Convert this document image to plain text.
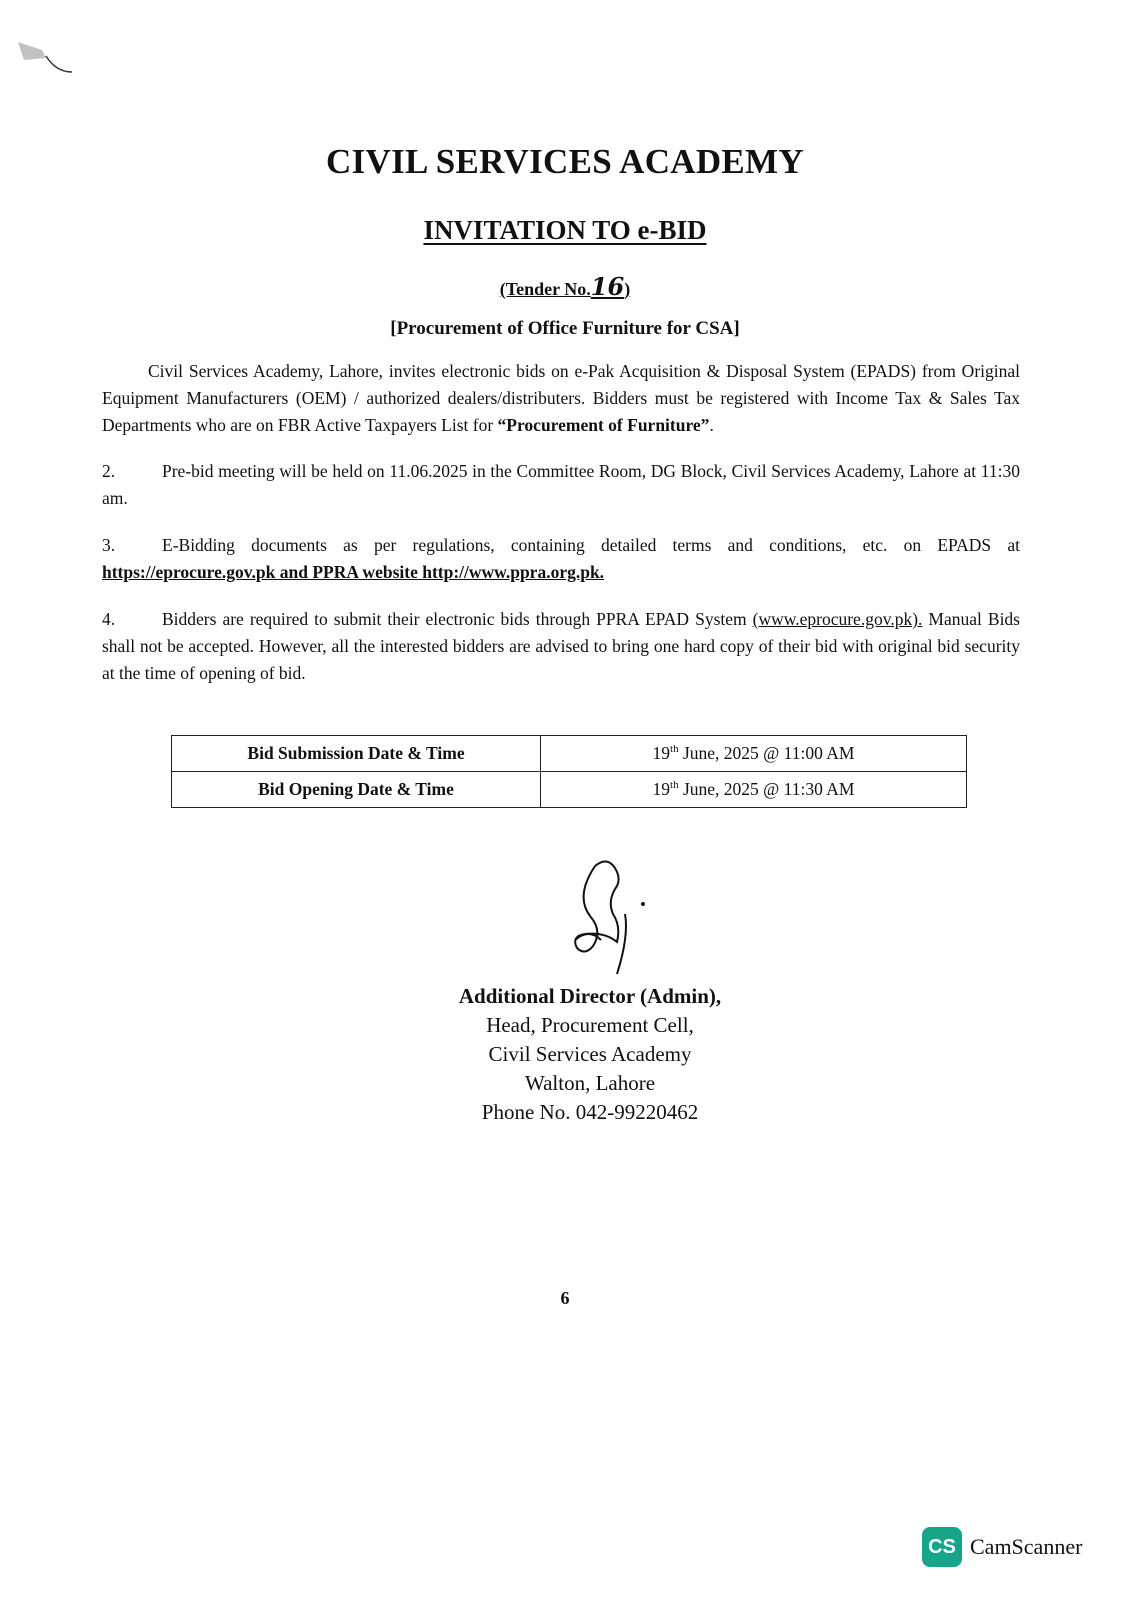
CIVIL SERVICES ACADEMY
INVITATION TO e-BID
(Tender No.16)
[Procurement of Office Furniture for CSA]
Civil Services Academy, Lahore, invites electronic bids on e-Pak Acquisition & Disposal System (EPADS) from Original Equipment Manufacturers (OEM) / authorized dealers/distributers. Bidders must be registered with Income Tax & Sales Tax Departments who are on FBR Active Taxpayers List for “Procurement of Furniture”.
2.	Pre-bid meeting will be held on 11.06.2025 in the Committee Room, DG Block, Civil Services Academy, Lahore at 11:30 am.
3.	E-Bidding documents as per regulations, containing detailed terms and conditions, etc. on EPADS at https://eprocure.gov.pk and PPRA website http://www.ppra.org.pk.
4.	Bidders are required to submit their electronic bids through PPRA EPAD System (www.eprocure.gov.pk). Manual Bids shall not be accepted. However, all the interested bidders are advised to bring one hard copy of their bid with original bid security at the time of opening of bid.
Bid Submission Date & Time	19th June, 2025 @ 11:00 AM
Bid Opening Date & Time	19th June, 2025 @ 11:30 AM
Additional Director (Admin),
Head, Procurement Cell,
Civil Services Academy
Walton, Lahore
Phone No. 042-99220462
6
CS CamScanner
